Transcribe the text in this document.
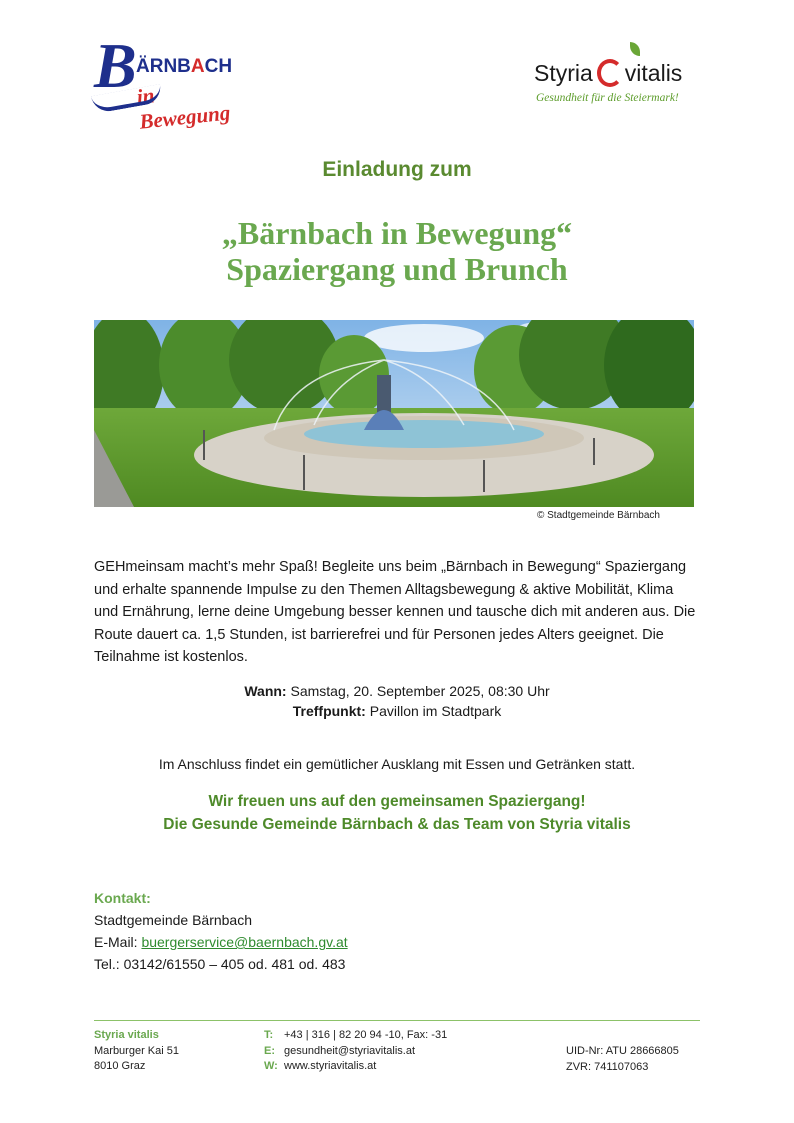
B ÄRNBACH
in Bewegung
Styria vitalis
Gesundheit für die Steiermark!
Einladung zum
„Bärnbach in Bewegung“
Spaziergang und Brunch
© Stadtgemeinde Bärnbach
GEHmeinsam macht’s mehr Spaß! Begleite uns beim „Bärnbach in Bewegung“ Spaziergang und erhalte spannende Impulse zu den Themen Alltagsbewegung & aktive Mobilität, Klima und Ernährung, lerne deine Umgebung besser kennen und tausche dich mit anderen aus. Die Route dauert ca. 1,5 Stunden, ist barrierefrei und für Personen jedes Alters geeignet. Die Teilnahme ist kostenlos.
Wann: Samstag, 20. September 2025, 08:30 Uhr
Treffpunkt: Pavillon im Stadtpark
Im Anschluss findet ein gemütlicher Ausklang mit Essen und Getränken statt.
Wir freuen uns auf den gemeinsamen Spaziergang!
Die Gesunde Gemeinde Bärnbach & das Team von Styria vitalis
Kontakt:
Stadtgemeinde Bärnbach
E-Mail: buergerservice@baernbach.gv.at
Tel.: 03142/61550 – 405 od. 481 od. 483
Styria vitalis
Marburger Kai 51
8010 Graz
T: +43 | 316 | 82 20 94 -10, Fax: -31
E: gesundheit@styriavitalis.at
W: www.styriavitalis.at
UID-Nr: ATU 28666805
ZVR: 741107063
